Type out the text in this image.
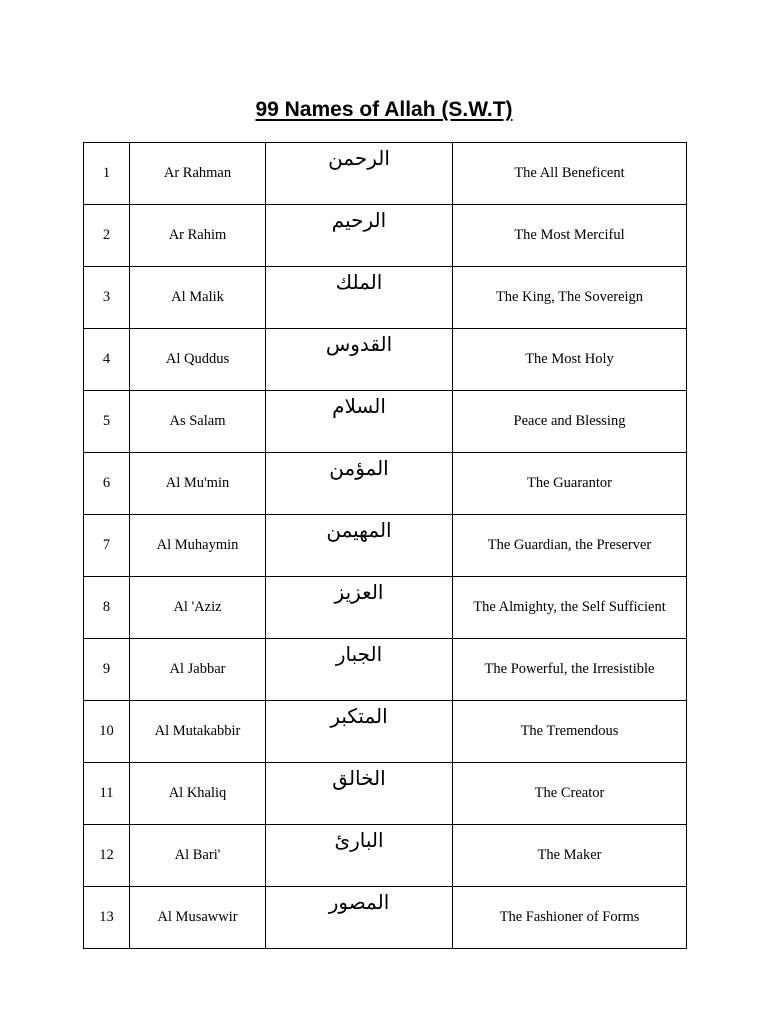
99 Names of Allah (S.W.T)
1	Ar Rahman	الرحمن	The All Beneficent
2	Ar Rahim	الرحيم	The Most Merciful
3	Al Malik	الملك	The King, The Sovereign
4	Al Quddus	القدوس	The Most Holy
5	As Salam	السلام	Peace and Blessing
6	Al Mu'min	المؤمن	The Guarantor
7	Al Muhaymin	المهيمن	The Guardian, the Preserver
8	Al 'Aziz	العزيز	The Almighty, the Self Sufficient
9	Al Jabbar	الجبار	The Powerful, the Irresistible
10	Al Mutakabbir	المتكبر	The Tremendous
11	Al Khaliq	الخالق	The Creator
12	Al Bari'	البارئ	The Maker
13	Al Musawwir	المصور	The Fashioner of Forms
